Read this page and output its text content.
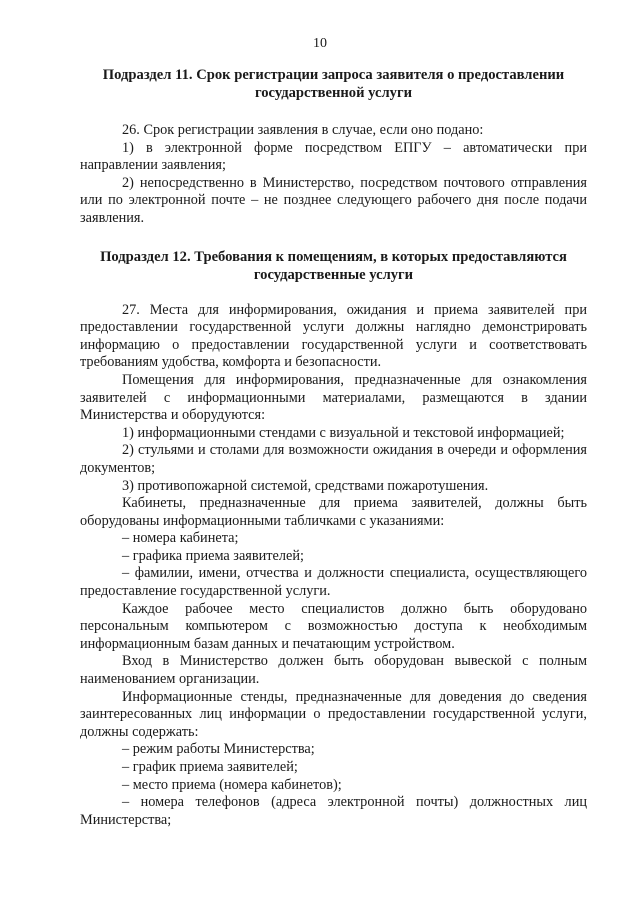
10
Подраздел 11. Срок регистрации запроса заявителя о предоставлении государственной услуги

26. Срок регистрации заявления в случае, если оно подано:

1) в электронной форме посредством ЕПГУ – автоматически при направлении заявления;

2) непосредственно в Министерство, посредством почтового отправления или по электронной почте – не позднее следующего рабочего дня после подачи заявления.

Подраздел 12. Требования к помещениям, в которых предоставляются государственные услуги

27. Места для информирования, ожидания и приема заявителей при предоставлении государственной услуги должны наглядно демонстрировать информацию о предоставлении государственной услуги и соответствовать требованиям удобства, комфорта и безопасности.

Помещения для информирования, предназначенные для ознакомления заявителей с информационными материалами, размещаются в здании Министерства и оборудуются:

1) информационными стендами с визуальной и текстовой информацией;

2) стульями и столами для возможности ожидания в очереди и оформления документов;

3) противопожарной системой, средствами пожаротушения.

Кабинеты, предназначенные для приема заявителей, должны быть оборудованы информационными табличками с указаниями:

– номера кабинета;

– графика приема заявителей;

– фамилии, имени, отчества и должности специалиста, осуществляющего предоставление государственной услуги.

Каждое рабочее место специалистов должно быть оборудовано персональным компьютером с возможностью доступа к необходимым информационным базам данных и печатающим устройством.

Вход в Министерство должен быть оборудован вывеской с полным наименованием организации.

Информационные стенды, предназначенные для доведения до сведения заинтересованных лиц информации о предоставлении государственной услуги, должны содержать:

– режим работы Министерства;

– график приема заявителей;

– место приема (номера кабинетов);

– номера телефонов (адреса электронной почты) должностных лиц Министерства;
